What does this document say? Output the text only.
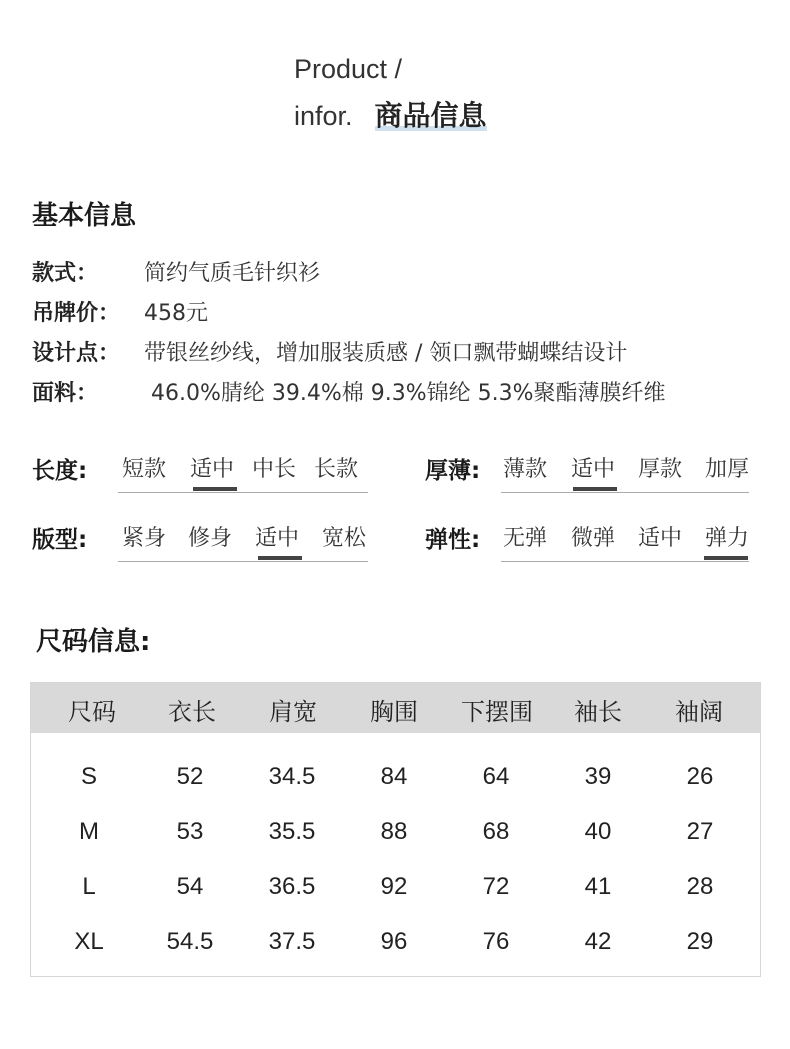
Product /
infor. 商品信息
基本信息
款式： 简约气质毛针织衫
吊牌价： 458元
设计点： 带银丝纱线，增加服装质感 / 领口飘带蝴蝶结设计
面料： 46.0%腈纶 39.4%棉 9.3%锦纶 5.3%聚酯薄膜纤维
长度: 短款 适中 中长 长款	厚薄: 薄款 适中 厚款 加厚
版型: 紧身 修身 适中 宽松	弹性: 无弹 微弹 适中 弹力
尺码信息:
尺码	衣长	肩宽	胸围	下摆围	袖长	袖阔
S	52	34.5	84	64	39	26
M	53	35.5	88	68	40	27
L	54	36.5	92	72	41	28
XL	54.5	37.5	96	76	42	29
